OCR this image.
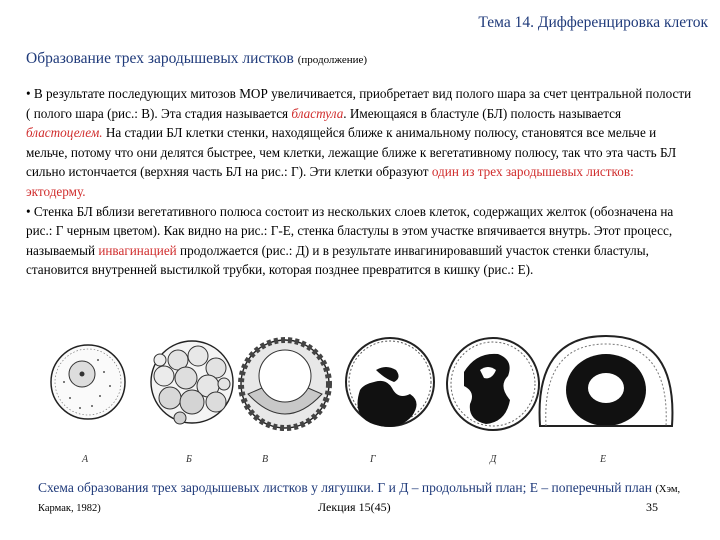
Тема 14. Дифференцировка клеток
Образование трех зародышевых листков (продолжение)

• В результате последующих митозов МОР увеличивается, приобретает вид полого шара за счет центральной полости ( полого шара (рис.: В). Эта стадия называется бластула. Имеющаяся в бластуле (БЛ) полость называется бластоцелем. На стадии БЛ клетки стенки, находящейся ближе к анимальному полюсу, становятся все мельче и мельче, потому что они делятся быстрее, чем клетки, лежащие ближе к вегетативному полюсу, так что эта часть БЛ сильно истончается (верхняя часть БЛ на рис.: Г). Эти клетки образуют один из трех зародышевых листков: эктодерму.

• Стенка БЛ вблизи вегетативного полюса состоит из нескольких слоев клеток, содержащих желток (обозначена на рис.: Г черным цветом). Как видно на рис.: Г-Е, стенка бластулы в этом участке впячивается внутрь. Этот процесс, называемый инвагинацией продолжается (рис.: Д) и в результате инвагинировавший участок стенки бластулы, становится внутренней выстилкой трубки, которая позднее превратится в кишку (рис.: Е).

А	Б	В	Г	Д	Е
Схема образования трех зародышевых листков у лягушки. Г и Д – продольный план; Е – поперечный план (Хэм, Кармак, 1982)	Лекция 15(45)	35
